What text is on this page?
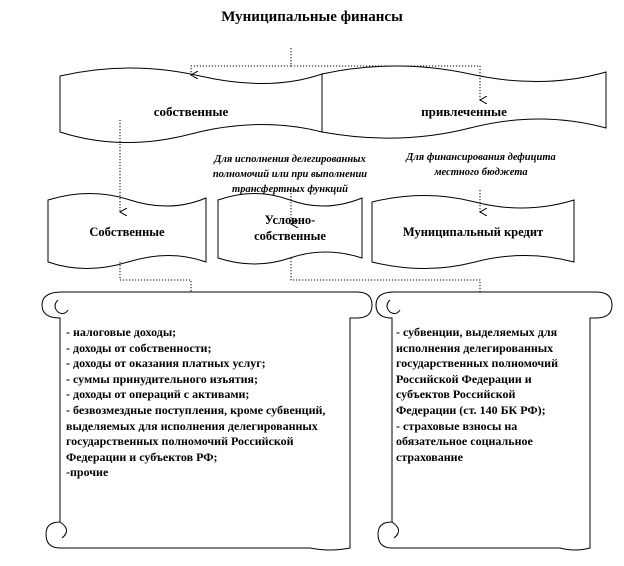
Муниципальные финансы
собственные	привлеченные
Для исполнения делегированных полномочий или при выполнении трансфертных функций
Для финансирования дефицита местного бюджета
Собственные
Условно-собственные	Муниципальный кредит
- налоговые доходы;
- доходы от собственности;
- доходы от оказания платных услуг;
- суммы принудительного изъятия;
- доходы от операций с активами;
- безвозмездные поступления, кроме субвенций, выделяемых для исполнения делегированных государственных полномочий Российской Федерации и субъектов РФ;
-прочие
- субвенции, выделяемых для исполнения делегированных государственных полномочий Российской Федерации и субъектов Российской Федерации (ст. 140 БК РФ);
- страховые взносы на обязательное социальное страхование
